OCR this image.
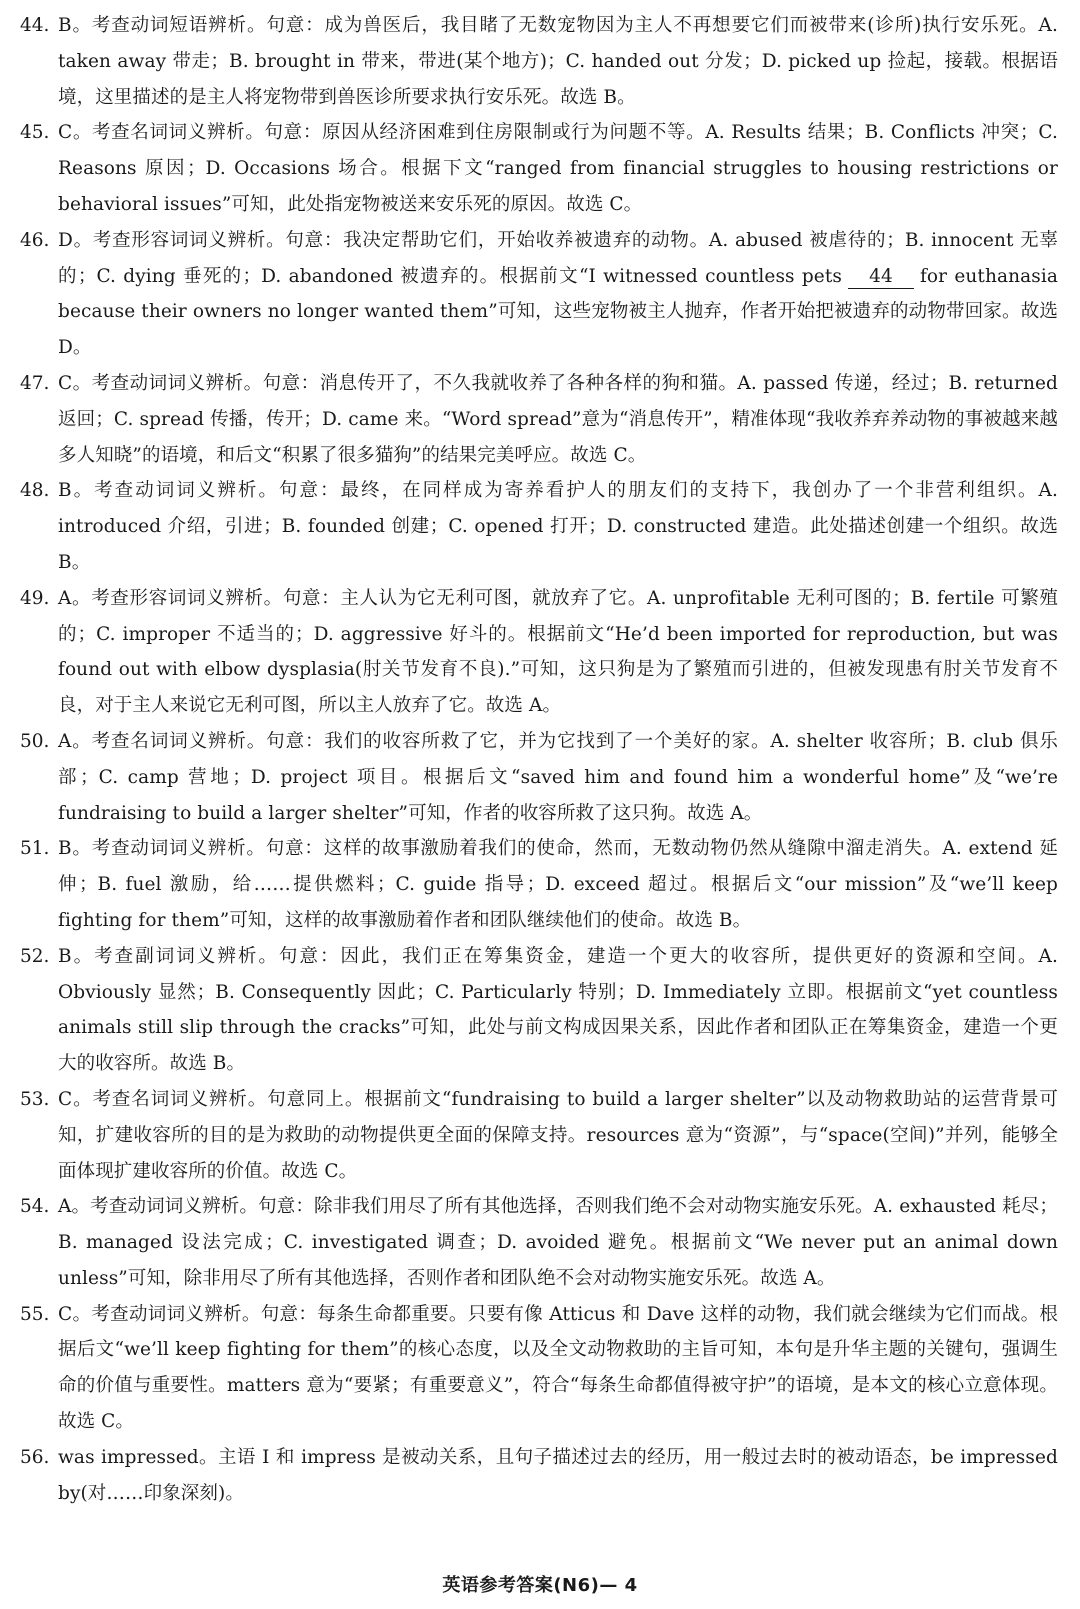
44. B。考查动词短语辨析。句意：成为兽医后，我目睹了无数宠物因为主人不再想要它们而被带来(诊所)执行安乐死。A. taken away 带走；B. brought in 带来，带进(某个地方)；C. handed out 分发；D. picked up 捡起，接载。根据语境，这里描述的是主人将宠物带到兽医诊所要求执行安乐死。故选 B。
45. C。考查名词词义辨析。句意：原因从经济困难到住房限制或行为问题不等。A. Results 结果；B. Conflicts 冲突；C. Reasons 原因；D. Occasions 场合。根据下文“ranged from financial struggles to housing restrictions or behavioral issues”可知，此处指宠物被送来安乐死的原因。故选 C。
46. D。考查形容词词义辨析。句意：我决定帮助它们，开始收养被遗弃的动物。A. abused 被虐待的；B. innocent 无辜的；C. dying 垂死的；D. abandoned 被遗弃的。根据前文“I witnessed countless pets 44 for euthanasia because their owners no longer wanted them”可知，这些宠物被主人抛弃，作者开始把被遗弃的动物带回家。故选 D。
47. C。考查动词词义辨析。句意：消息传开了，不久我就收养了各种各样的狗和猫。A. passed 传递，经过；B. returned 返回；C. spread 传播，传开；D. came 来。“Word spread”意为“消息传开”，精准体现“我收养弃养动物的事被越来越多人知晓”的语境，和后文“积累了很多猫狗”的结果完美呼应。故选 C。
48. B。考查动词词义辨析。句意：最终，在同样成为寄养看护人的朋友们的支持下，我创办了一个非营利组织。A. introduced 介绍，引进；B. founded 创建；C. opened 打开；D. constructed 建造。此处描述创建一个组织。故选 B。
49. A。考查形容词词义辨析。句意：主人认为它无利可图，就放弃了它。A. unprofitable 无利可图的；B. fertile 可繁殖的；C. improper 不适当的；D. aggressive 好斗的。根据前文“He’d been imported for reproduction, but was found out with elbow dysplasia(肘关节发育不良).”可知，这只狗是为了繁殖而引进的，但被发现患有肘关节发育不良，对于主人来说它无利可图，所以主人放弃了它。故选 A。
50. A。考查名词词义辨析。句意：我们的收容所救了它，并为它找到了一个美好的家。A. shelter 收容所；B. club 俱乐部；C. camp 营地；D. project 项目。根据后文“saved him and found him a wonderful home”及“we’re fundraising to build a larger shelter”可知，作者的收容所救了这只狗。故选 A。
51. B。考查动词词义辨析。句意：这样的故事激励着我们的使命，然而，无数动物仍然从缝隙中溜走消失。A. extend 延伸；B. fuel 激励，给……提供燃料；C. guide 指导；D. exceed 超过。根据后文“our mission”及“we’ll keep fighting for them”可知，这样的故事激励着作者和团队继续他们的使命。故选 B。
52. B。考查副词词义辨析。句意：因此，我们正在筹集资金，建造一个更大的收容所，提供更好的资源和空间。A. Obviously 显然；B. Consequently 因此；C. Particularly 特别；D. Immediately 立即。根据前文“yet countless animals still slip through the cracks”可知，此处与前文构成因果关系，因此作者和团队正在筹集资金，建造一个更大的收容所。故选 B。
53. C。考查名词词义辨析。句意同上。根据前文“fundraising to build a larger shelter”以及动物救助站的运营背景可知，扩建收容所的目的是为救助的动物提供更全面的保障支持。resources 意为“资源”，与“space(空间)”并列，能够全面体现扩建收容所的价值。故选 C。
54. A。考查动词词义辨析。句意：除非我们用尽了所有其他选择，否则我们绝不会对动物实施安乐死。A. exhausted 耗尽；B. managed 设法完成；C. investigated 调查；D. avoided 避免。根据前文“We never put an animal down unless”可知，除非用尽了所有其他选择，否则作者和团队绝不会对动物实施安乐死。故选 A。
55. C。考查动词词义辨析。句意：每条生命都重要。只要有像 Atticus 和 Dave 这样的动物，我们就会继续为它们而战。根据后文“we’ll keep fighting for them”的核心态度，以及全文动物救助的主旨可知，本句是升华主题的关键句，强调生命的价值与重要性。matters 意为“要紧；有重要意义”，符合“每条生命都值得被守护”的语境，是本文的核心立意体现。故选 C。
56. was impressed。主语 I 和 impress 是被动关系，且句子描述过去的经历，用一般过去时的被动语态，be impressed by(对……印象深刻)。
英语参考答案(N6)— 4
